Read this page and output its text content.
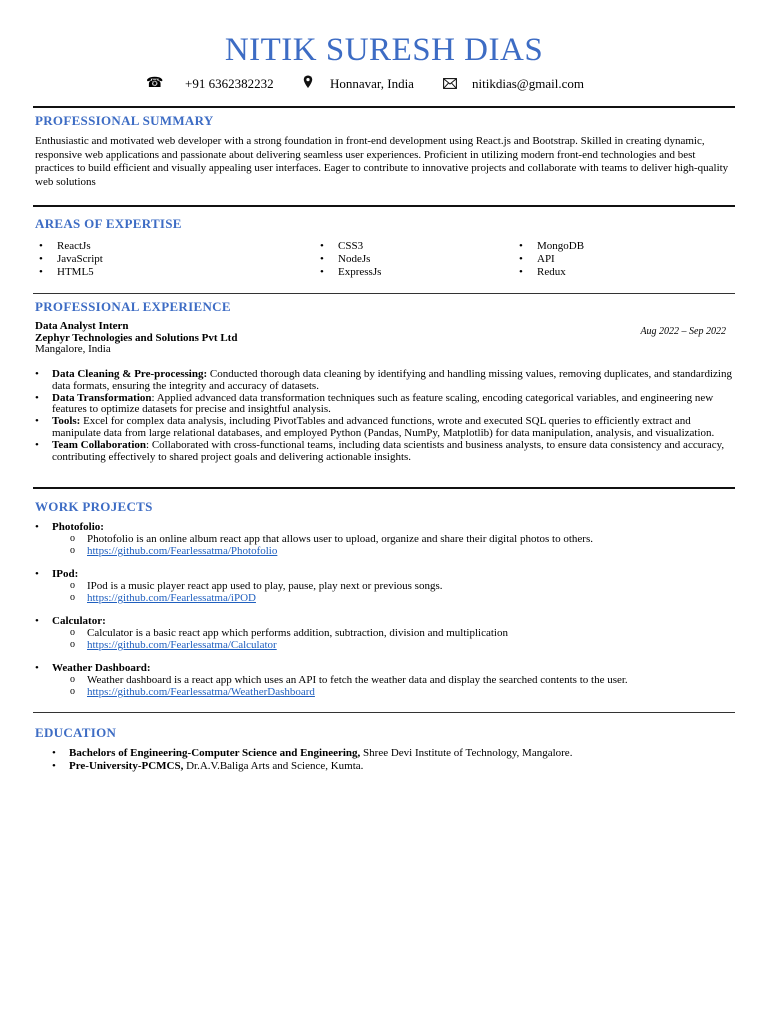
NITIK SURESH DIAS
☎ +91 6362382232	Honnavar, India	nitikdias@gmail.com
PROFESSIONAL SUMMARY
Enthusiastic and motivated web developer with a strong foundation in front-end development using React.js and Bootstrap. Skilled in creating dynamic, responsive web applications and passionate about delivering seamless user experiences. Proficient in utilizing modern front-end technologies and best practices to build efficient and visually appealing user interfaces. Eager to contribute to innovative projects and collaborate with teams to deliver high-quality web solutions
AREAS OF EXPERTISE
• ReactJs
• JavaScript
• HTML5
• CSS3
• NodeJs
• ExpressJs
• MongoDB
• API
• Redux
PROFESSIONAL EXPERIENCE
Data Analyst Intern
Zephyr Technologies and Solutions Pvt Ltd
Mangalore, India
Aug 2022 – Sep 2022
• Data Cleaning & Pre-processing: Conducted thorough data cleaning by identifying and handling missing values, removing duplicates, and standardizing data formats, ensuring the integrity and accuracy of datasets.
• Data Transformation: Applied advanced data transformation techniques such as feature scaling, encoding categorical variables, and engineering new features to optimize datasets for precise and insightful analysis.
• Tools: Excel for complex data analysis, including PivotTables and advanced functions, wrote and executed SQL queries to efficiently extract and manipulate data from large relational databases, and employed Python (Pandas, NumPy, Matplotlib) for data manipulation, analysis, and visualization.
• Team Collaboration: Collaborated with cross-functional teams, including data scientists and business analysts, to ensure data consistency and accuracy, contributing effectively to shared project goals and delivering actionable insights.
WORK PROJECTS
• Photofolio:
o Photofolio is an online album react app that allows user to upload, organize and share their digital photos to others.
o https://github.com/Fearlessatma/Photofolio
• IPod:
o IPod is a music player react app used to play, pause, play next or previous songs.
o https://github.com/Fearlessatma/iPOD
• Calculator:
o Calculator is a basic react app which performs addition, subtraction, division and multiplication
o https://github.com/Fearlessatma/Calculator
• Weather Dashboard:
o Weather dashboard is a react app which uses an API to fetch the weather data and display the searched contents to the user.
o https://github.com/Fearlessatma/WeatherDashboard
EDUCATION
• Bachelors of Engineering-Computer Science and Engineering, Shree Devi Institute of Technology, Mangalore.
• Pre-University-PCMCS, Dr.A.V.Baliga Arts and Science, Kumta.
